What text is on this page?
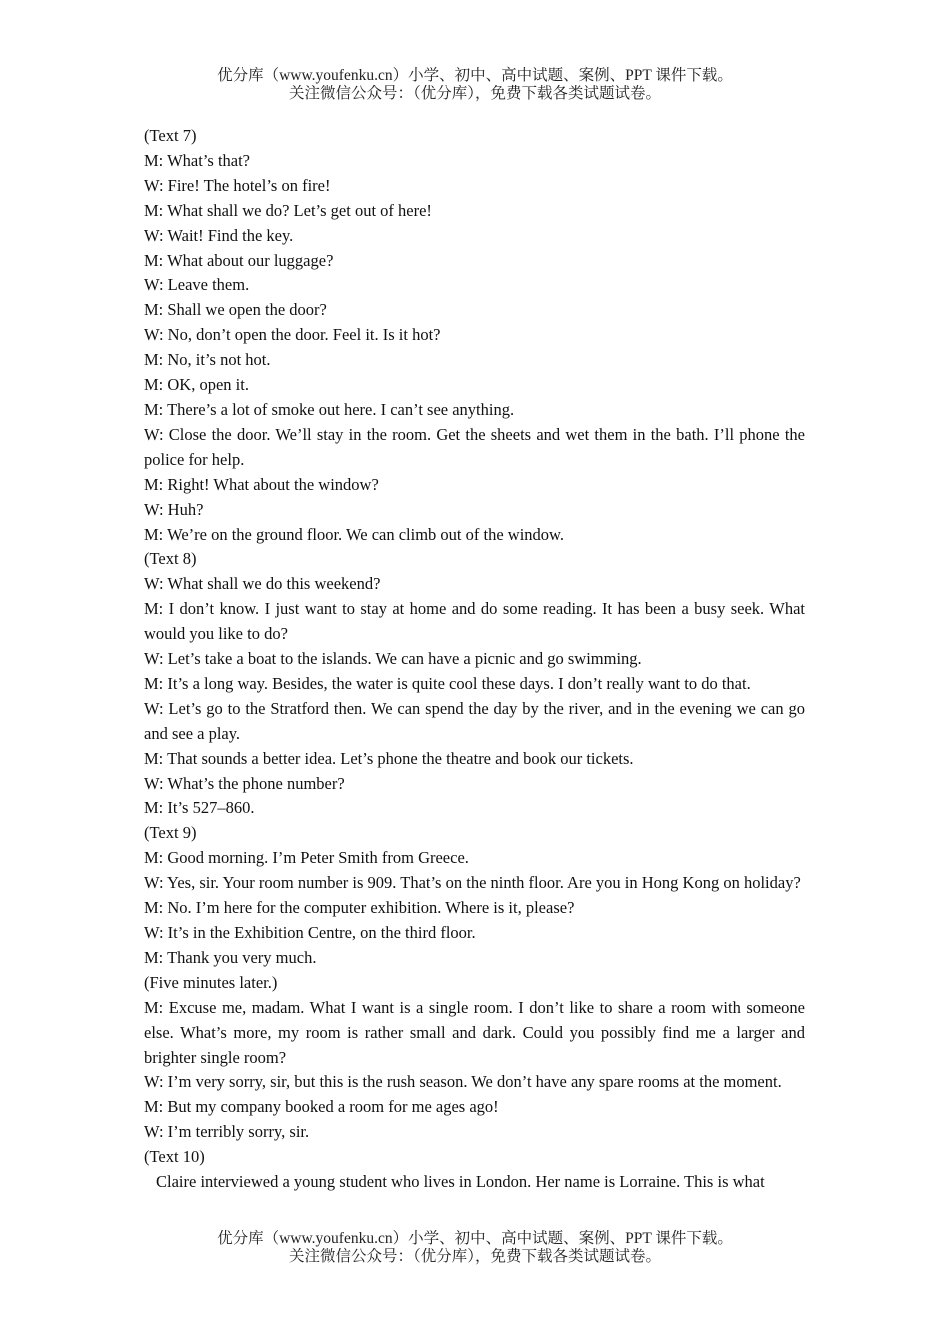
优分库（www.youfenku.cn）小学、初中、高中试题、案例、PPT 课件下载。
关注微信公众号：（优分库），免费下载各类试题试卷。

(Text 7)

M: What’s that?

W: Fire! The hotel’s on fire!

M: What shall we do? Let’s get out of here!

W: Wait! Find the key.

M: What about our luggage?

W: Leave them.

M: Shall we open the door?

W: No, don’t open the door. Feel it. Is it hot?

M: No, it’s not hot.

M: OK, open it.

M: There’s a lot of smoke out here. I can’t see anything.

W: Close the door. We’ll stay in the room. Get the sheets and wet them in the bath. I’ll phone the police for help.

M: Right! What about the window?

W: Huh?

M: We’re on the ground floor. We can climb out of the window.

(Text 8)

W: What shall we do this weekend?

M: I don’t know. I just want to stay at home and do some reading. It has been a busy seek. What would you like to do?

W: Let’s take a boat to the islands. We can have a picnic and go swimming.

M: It’s a long way. Besides, the water is quite cool these days. I don’t really want to do that.

W: Let’s go to the Stratford then. We can spend the day by the river, and in the evening we can go and see a play.

M: That sounds a better idea. Let’s phone the theatre and book our tickets.

W: What’s the phone number?

M: It’s 527–860.

(Text 9)

M: Good morning. I’m Peter Smith from Greece.

W: Yes, sir. Your room number is 909. That’s on the ninth floor. Are you in Hong Kong on holiday?

M: No. I’m here for the computer exhibition. Where is it, please?

W: It’s in the Exhibition Centre, on the third floor.

M: Thank you very much.

(Five minutes later.)

M: Excuse me, madam. What I want is a single room. I don’t like to share a room with someone else. What’s more, my room is rather small and dark. Could you possibly find me a larger and brighter single room?

W: I’m very sorry, sir, but this is the rush season. We don’t have any spare rooms at the moment.

M: But my company booked a room for me ages ago!

W: I’m terribly sorry, sir.

(Text 10)

Claire interviewed a young student who lives in London. Her name is Lorraine. This is what

优分库（www.youfenku.cn）小学、初中、高中试题、案例、PPT 课件下载。
关注微信公众号：（优分库），免费下载各类试题试卷。
